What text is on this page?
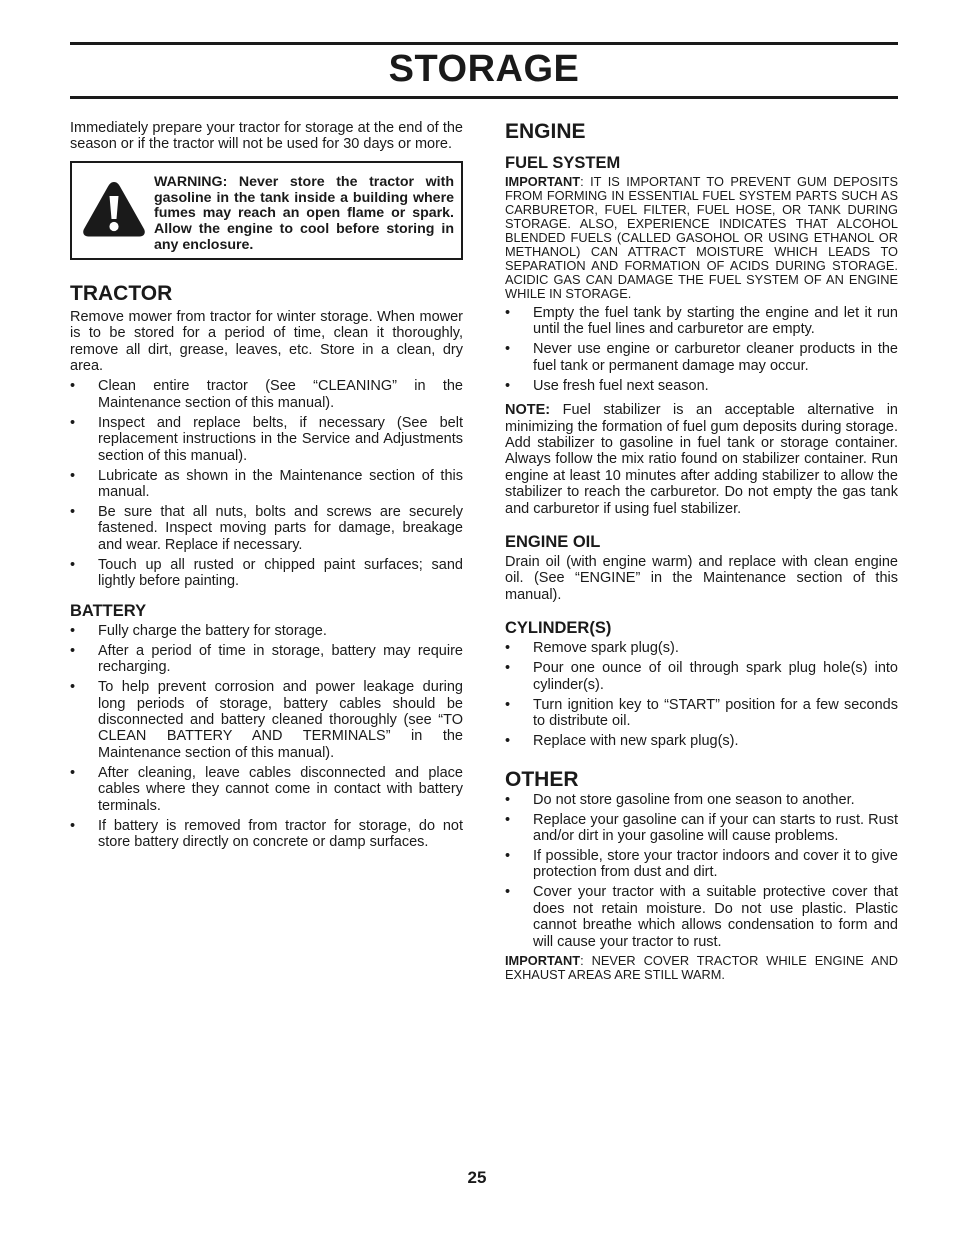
STORAGE

Immediately prepare your tractor for storage at the end of the season or if the tractor will not be used for 30 days or more.

WARNING: Never store the tractor with gasoline in the tank inside a building where fumes may reach an open flame or spark. Allow the engine to cool before storing in any enclosure.
TRACTOR

Remove mower from tractor for winter storage. When mower is to be stored for a period of time, clean it thoroughly, remove all dirt, grease, leaves, etc. Store in a clean, dry area.

• Clean entire tractor (See “CLEANING” in the Maintenance section of this manual).
• Inspect and replace belts, if necessary (See belt replacement instructions in the Service and Adjustments section of this manual).
• Lubricate as shown in the Maintenance section of this manual.
• Be sure that all nuts, bolts and screws are securely fastened. Inspect moving parts for damage, breakage and wear. Replace if necessary.
• Touch up all rusted or chipped paint surfaces; sand lightly before painting.
BATTERY
• Fully charge the battery for storage.
• After a period of time in storage, battery may require recharging.
• To help prevent corrosion and power leakage during long periods of storage, battery cables should be disconnected and battery cleaned thoroughly (see “TO CLEAN BATTERY AND TERMINALS” in the Maintenance section of this manual).
• After cleaning, leave cables disconnected and place cables where they cannot come in contact with battery terminals.
• If battery is removed from tractor for storage, do not store battery directly on concrete or damp surfaces.
ENGINE
FUEL SYSTEM

IMPORTANT: IT IS IMPORTANT TO PREVENT GUM DEPOSITS FROM FORMING IN ESSENTIAL FUEL SYSTEM PARTS SUCH AS CARBURETOR, FUEL FILTER, FUEL HOSE, OR TANK DURING STORAGE. ALSO, EXPERIENCE INDICATES THAT ALCOHOL BLENDED FUELS (CALLED GASOHOL OR USING ETHANOL OR METHANOL) CAN ATTRACT MOISTURE WHICH LEADS TO SEPARATION AND FORMATION OF ACIDS DURING STORAGE. ACIDIC GAS CAN DAMAGE THE FUEL SYSTEM OF AN ENGINE WHILE IN STORAGE.

• Empty the fuel tank by starting the engine and let it run until the fuel lines and carburetor are empty.
• Never use engine or carburetor cleaner products in the fuel tank or permanent damage may occur.
• Use fresh fuel next season.

NOTE: Fuel stabilizer is an acceptable alternative in minimizing the formation of fuel gum deposits during storage. Add stabilizer to gasoline in fuel tank or storage container. Always follow the mix ratio found on stabilizer container. Run engine at least 10 minutes after adding stabilizer to allow the stabilizer to reach the carburetor. Do not empty the gas tank and carburetor if using fuel stabilizer.

ENGINE OIL

Drain oil (with engine warm) and replace with clean engine oil. (See “ENGINE” in the Maintenance section of this manual).

CYLINDER(S)
• Remove spark plug(s).
• Pour one ounce of oil through spark plug hole(s) into cylinder(s).
• Turn ignition key to “START” position for a few seconds to distribute oil.
• Replace with new spark plug(s).
OTHER
• Do not store gasoline from one season to another.
• Replace your gasoline can if your can starts to rust. Rust and/or dirt in your gasoline will cause problems.
• If possible, store your tractor indoors and cover it to give protection from dust and dirt.
• Cover your tractor with a suitable protective cover that does not retain moisture. Do not use plastic. Plastic cannot breathe which allows condensation to form and will cause your tractor to rust.

IMPORTANT: NEVER COVER TRACTOR WHILE ENGINE AND EXHAUST AREAS ARE STILL WARM.

25
